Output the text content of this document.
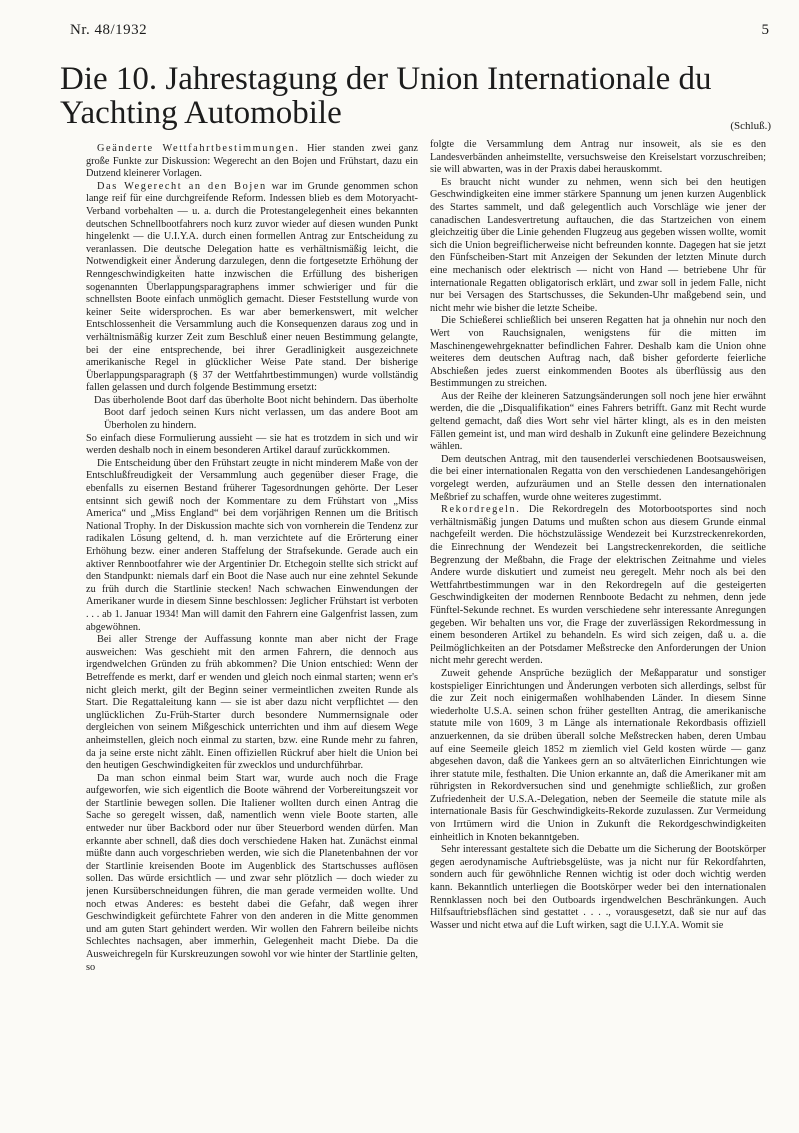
Nr. 48/1932	5
Die 10. Jahrestagung der Union Internationale du Yachting Automobile	(Schluß.)

Geänderte Wettfahrtbestimmungen. Hier standen zwei ganz große Funkte zur Diskussion: Wegerecht an den Bojen und Frühstart, dazu ein Dutzend kleinerer Vorlagen.

Das Wegerecht an den Bojen war im Grunde genommen schon lange reif für eine durchgreifende Reform. Indessen blieb es dem Motoryacht-Verband vorbehalten — u. a. durch die Protestangelegenheit eines bekannten deutschen Schnellbootfahrers noch kurz zuvor wieder auf diesen wunden Punkt hingelenkt — die U.I.Y.A. durch einen formellen Antrag zur Entscheidung zu veranlassen. Die deutsche Delegation hatte es verhältnismäßig leicht, die Notwendigkeit einer Änderung darzulegen, denn die fortgesetzte Erhöhung der Renngeschwindigkeiten hatte inzwischen die Erfüllung des bisherigen sogenannten Überlappungsparagraphens immer schwieriger und für die schnellsten Boote einfach unmöglich gemacht. Dieser Feststellung wurde von keiner Seite widersprochen. Es war aber bemerkenswert, mit welcher Entschlossenheit die Versammlung auch die Konsequenzen daraus zog und in verhältnismäßig kurzer Zeit zum Beschluß einer neuen Bestimmung gelangte, bei der eine entsprechende, bei ihrer Geradlinigkeit ausgezeichnete amerikanische Regel in glücklicher Weise Pate stand. Der bisherige Überlappungsparagraph (§ 37 der Wettfahrtbestimmungen) wurde vollständig fallen gelassen und durch folgende Bestimmung ersetzt:

Das überholende Boot darf das überholte Boot nicht behindern. Das überholte Boot darf jedoch seinen Kurs nicht verlassen, um das andere Boot am Überholen zu hindern.

So einfach diese Formulierung aussieht — sie hat es trotzdem in sich und wir werden deshalb noch in einem besonderen Artikel darauf zurückkommen.

Die Entscheidung über den Frühstart zeugte in nicht minderem Maße von der Entschlußfreudigkeit der Versammlung auch gegenüber dieser Frage, die ebenfalls zu eisernen Bestand früherer Tagesordnungen gehörte. Der Leser entsinnt sich gewiß noch der Kommentare zu dem Frühstart von „Miss America“ und „Miss England“ bei dem vorjährigen Rennen um die Britisch National Trophy. In der Diskussion machte sich von vornherein die Tendenz zur radikalen Lösung geltend, d. h. man verzichtete auf die Erörterung einer Erhöhung bezw. einer anderen Staffelung der Strafsekunde. Gerade auch ein aktiver Rennbootfahrer wie der Argentinier Dr. Etchegoin stellte sich strickt auf den Standpunkt: niemals darf ein Boot die Nase auch nur eine zehntel Sekunde zu früh durch die Startlinie stecken! Nach schwachen Einwendungen der Amerikaner wurde in diesem Sinne beschlossen: Jeglicher Frühstart ist verboten . . . ab 1. Januar 1934! Man will damit den Fahrern eine Galgenfrist lassen, zum abgewöhnen.

Bei aller Strenge der Auffassung konnte man aber nicht der Frage ausweichen: Was geschieht mit den armen Fahrern, die dennoch aus irgendwelchen Gründen zu früh abkommen? Die Union entschied: Wenn der Betreffende es merkt, darf er wenden und gleich noch einmal starten; wenn er's nicht gleich merkt, gilt der Beginn seiner vermeintlichen zweiten Runde als Start. Die Regattaleitung kann — sie ist aber dazu nicht verpflichtet — den unglücklichen Zu-Früh-Starter durch besondere Nummernsignale oder dergleichen von seinem Mißgeschick unterrichten und ihm auf diesem Wege anheimstellen, gleich noch einmal zu starten, bzw. eine Runde mehr zu fahren, da ja seine erste nicht zählt. Einen offiziellen Rückruf aber hielt die Union bei den heutigen Geschwindigkeiten für zwecklos und undurchführbar.

Da man schon einmal beim Start war, wurde auch noch die Frage aufgeworfen, wie sich eigentlich die Boote während der Vorbereitungszeit vor der Startlinie bewegen sollen. Die Italiener wollten durch einen Antrag die Sache so geregelt wissen, daß, namentlich wenn viele Boote starten, alle entweder nur über Backbord oder nur über Steuerbord wenden dürfen. Man erkannte aber schnell, daß dies doch verschiedene Haken hat. Zunächst einmal müßte dann auch vorgeschrieben werden, wie sich die Planetenbahnen der vor der Startlinie kreisenden Boote im Augenblick des Startschusses auflösen sollen. Das würde ersichtlich — und zwar sehr plötzlich — doch wieder zu jenen Kursüberschneidungen führen, die man gerade vermeiden wollte. Und noch etwas Anderes: es besteht dabei die Gefahr, daß wegen ihrer Geschwindigkeit gefürchtete Fahrer von den anderen in die Mitte genommen und am guten Start gehindert werden. Wir wollen den Fahrern beileibe nichts Schlechtes nachsagen, aber immerhin, Gelegenheit macht Diebe. Da die Ausweichregeln für Kurskreuzungen sowohl vor wie hinter der Startlinie gelten, so

folgte die Versammlung dem Antrag nur insoweit, als sie es den Landesverbänden anheimstellte, versuchsweise den Kreiselstart vorzuschreiben; sie will abwarten, was in der Praxis dabei herauskommt.

Es braucht nicht wunder zu nehmen, wenn sich bei den heutigen Geschwindigkeiten eine immer stärkere Spannung um jenen kurzen Augenblick des Startes sammelt, und daß gelegentlich auch Vorschläge wie jener der canadischen Landesvertretung auftauchen, die das Startzeichen von einem gleichzeitig über die Linie gehenden Flugzeug aus gegeben wissen wollte, womit sich die Union begreiflicherweise nicht befreunden konnte. Dagegen hat sie jetzt den Fünfscheiben-Start mit Anzeigen der Sekunden der letzten Minute durch eine mechanisch oder elektrisch — nicht von Hand — betriebene Uhr für internationale Regatten obligatorisch erklärt, und zwar soll in jedem Falle, nicht nur bei Versagen des Startschusses, die Sekunden-Uhr maßgebend sein, und nicht mehr wie bisher die letzte Scheibe.

Die Schießerei schließlich bei unseren Regatten hat ja ohnehin nur noch den Wert von Rauchsignalen, wenigstens für die mitten im Maschinengewehrgeknatter befindlichen Fahrer. Deshalb kam die Union ohne weiteres dem deutschen Auftrag nach, daß bisher geforderte feierliche Abschießen jedes zuerst einkommenden Bootes als überflüssig aus den Bestimmungen zu streichen.

Aus der Reihe der kleineren Satzungsänderungen soll noch jene hier erwähnt werden, die die „Disqualifikation“ eines Fahrers betrifft. Ganz mit Recht wurde geltend gemacht, daß dies Wort sehr viel härter klingt, als es in den meisten Fällen gemeint ist, und man wird deshalb in Zukunft eine gelindere Bezeichnung wählen.

Dem deutschen Antrag, mit den tausenderlei verschiedenen Bootsausweisen, die bei einer internationalen Regatta von den verschiedenen Landesangehörigen vorgelegt werden, aufzuräumen und an Stelle dessen den internationalen Meßbrief zu schaffen, wurde ohne weiteres zugestimmt.

Rekordregeln. Die Rekordregeln des Motorbootsportes sind noch verhältnismäßig jungen Datums und mußten schon aus diesem Grunde einmal nachgefeilt werden. Die höchstzulässige Wendezeit bei Kurzstreckenrekorden, die Einrechnung der Wendezeit bei Langstreckenrekorden, die seitliche Begrenzung der Meßbahn, die Frage der elektrischen Zeitnahme und vieles Andere wurde diskutiert und zumeist neu geregelt. Mehr noch als bei den Wettfahrtbestimmungen war in den Rekordregeln auf die gesteigerten Geschwindigkeiten der modernen Rennboote Bedacht zu nehmen, denn jede Fünftel-Sekunde rechnet. Es wurden verschiedene sehr interessante Anregungen gegeben. Wir behalten uns vor, die Frage der zuverlässigen Rekordmessung in einem besonderen Artikel zu behandeln. Es wird sich zeigen, daß u. a. die Peilmöglichkeiten an der Potsdamer Meßstrecke den Anforderungen der Union nicht mehr gerecht werden.

Zuweit gehende Ansprüche bezüglich der Meßapparatur und sonstiger kostspieliger Einrichtungen und Änderungen verboten sich allerdings, selbst für die zur Zeit noch einigermaßen wohlhabenden Länder. In diesem Sinne wiederholte U.S.A. seinen schon früher gestellten Antrag, die amerikanische statute mile von 1609, 3 m Länge als internationale Rekordbasis offiziell anzuerkennen, da sie drüben überall solche Meßstrecken haben, deren Umbau auf eine Seemeile gleich 1852 m ziemlich viel Geld kosten würde — ganz abgesehen davon, daß die Yankees gern an so altväterlichen Einrichtungen wie ihrer statute mile, festhalten. Die Union erkannte an, daß die Amerikaner mit am rührigsten in Rekordversuchen sind und genehmigte schließlich, zur großen Zufriedenheit der U.S.A.-Delegation, neben der Seemeile die statute mile als internationale Basis für Geschwindigkeits-Rekorde zuzulassen. Zur Vermeidung von Irrtümern wird die Union in Zukunft die Rekordgeschwindigkeiten einheitlich in Knoten bekanntgeben.

Sehr interessant gestaltete sich die Debatte um die Sicherung der Bootskörper gegen aerodynamische Auftriebsgelüste, was ja nicht nur für Rekordfahrten, sondern auch für gewöhnliche Rennen wichtig ist oder doch wichtig werden kann. Bekanntlich unterliegen die Bootskörper weder bei den internationalen Rennklassen noch bei den Outboards irgendwelchen Beschränkungen. Auch Hilfsauftriebsflächen sind gestattet . . . ., vorausgesetzt, daß sie nur auf das Wasser und nicht etwa auf die Luft wirken, sagt die U.I.Y.A. Womit sie
